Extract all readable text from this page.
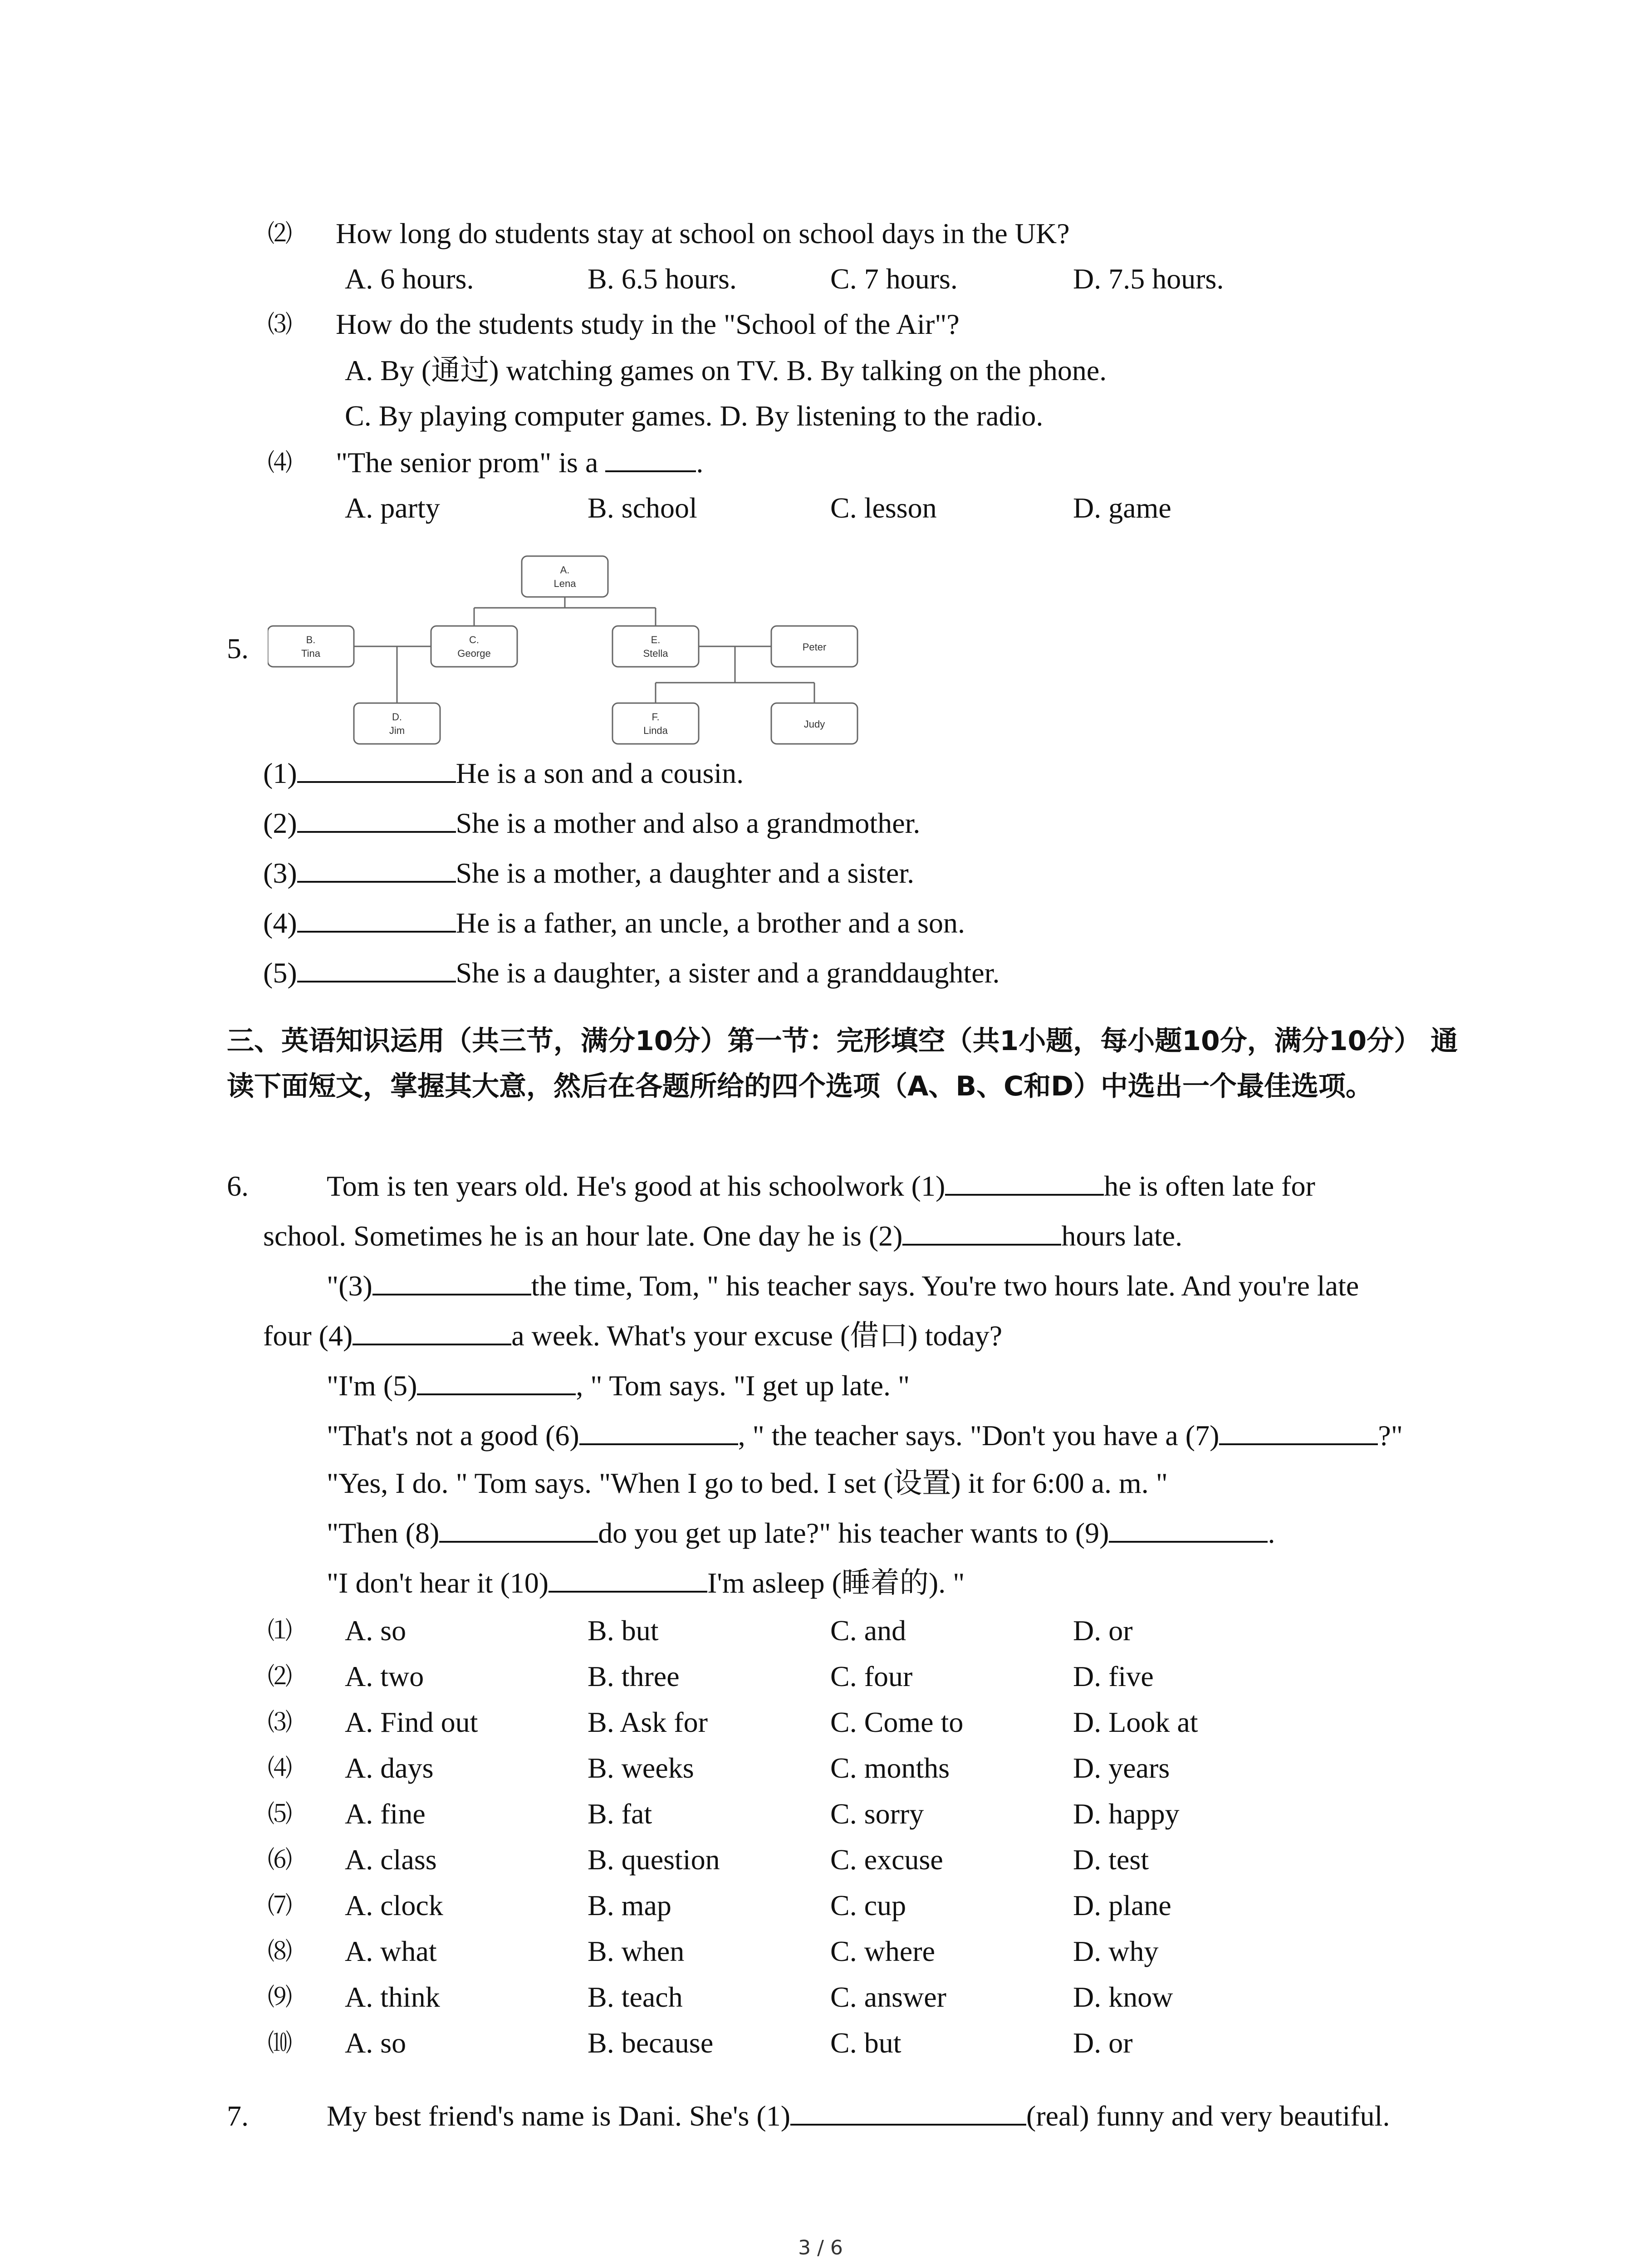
⑵ How long do students stay at school on school days in the UK?
A. 6 hours.	B. 6.5 hours.	C. 7 hours.	D. 7.5 hours.
⑶ How do the students study in the "School of the Air"?
A. By (通过) watching games on TV. B. By talking on the phone.
C. By playing computer games. D. By listening to the radio.
⑷ "The senior prom" is a	.
A. party	B. school	C. lesson	D. game
5.
A.
Lena
B.
Tina
C.
George
E.
Stella
Peter
D.
Jim
F.
Linda
Judy
(1)	He is a son and a cousin.
(2)	She is a mother and also a grandmother.
(3)	She is a mother, a daughter and a sister.
(4)	He is a father, an uncle, a brother and a son.
(5)	She is a daughter, a sister and a granddaughter.
三、英语知识运用（共三节，满分10分）第一节：完形填空（共1小题，每小题10分，满分10分） 通读下面短文，掌握其大意，然后在各题所给的四个选项（A、B、C和D）中选出一个最佳选项。
6.	Tom is ten years old. He's good at his schoolwork (1)	he is often late for
school. Sometimes he is an hour late. One day he is (2)	hours late.
"(3)	the time, Tom, " his teacher says. You're two hours late. And you're late
four (4)	a week. What's your excuse (借口) today?
"I'm (5)	, " Tom says. "I get up late. "
"That's not a good (6)	, " the teacher says. "Don't you have a (7)	?"
"Yes, I do. " Tom says. "When I go to bed. I set (设置) it for 6:00 a. m. "
"Then (8)	do you get up late?" his teacher wants to (9)	.
"I don't hear it (10)	I'm asleep (睡着的). "
⑴ A. so	B. but	C. and	D. or
⑵ A. two	B. three	C. four	D. five
⑶ A. Find out	B. Ask for	C. Come to	D. Look at
⑷ A. days	B. weeks	C. months	D. years
⑸ A. fine	B. fat	C. sorry	D. happy
⑹ A. class	B. question	C. excuse	D. test
⑺ A. clock	B. map	C. cup	D. plane
⑻ A. what	B. when	C. where	D. why
⑼ A. think	B. teach	C. answer	D. know
⑽ A. so	B. because	C. but	D. or
7.	My best friend's name is Dani. She's (1)	(real) funny and very beautiful.
3 / 6
